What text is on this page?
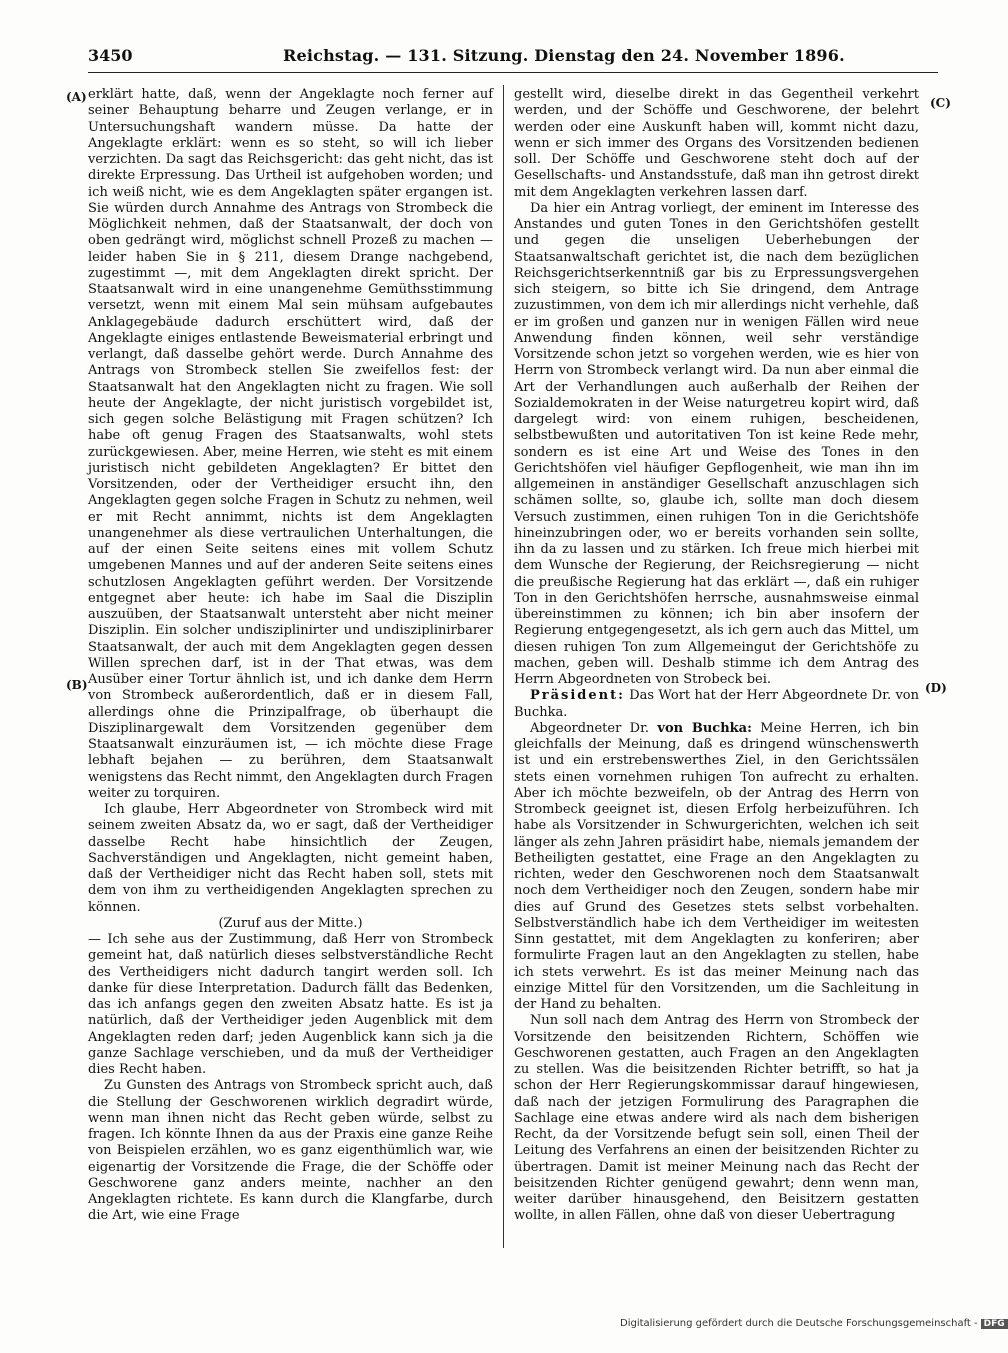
3450	Reichstag. — 131. Sitzung. Dienstag den 24. November 1896.
(A)
(B)
(C)
(D)

erklärt hatte, daß, wenn der Angeklagte noch ferner auf seiner Behauptung beharre und Zeugen verlange, er in Untersuchungshaft wandern müsse. Da hatte der Angeklagte erklärt: wenn es so steht, so will ich lieber verzichten. Da sagt das Reichsgericht: das geht nicht, das ist direkte Erpressung. Das Urtheil ist aufgehoben worden; und ich weiß nicht, wie es dem Angeklagten später ergangen ist. Sie würden durch Annahme des Antrags von Strombeck die Möglichkeit nehmen, daß der Staatsanwalt, der doch von oben gedrängt wird, möglichst schnell Prozeß zu machen — leider haben Sie in § 211, diesem Drange nachgebend, zugestimmt —, mit dem Angeklagten direkt spricht. Der Staatsanwalt wird in eine unangenehme Gemüthsstimmung versetzt, wenn mit einem Mal sein mühsam aufgebautes Anklagegebäude dadurch erschüttert wird, daß der Angeklagte einiges entlastende Beweismaterial erbringt und verlangt, daß dasselbe gehört werde. Durch Annahme des Antrags von Strombeck stellen Sie zweifellos fest: der Staatsanwalt hat den Angeklagten nicht zu fragen. Wie soll heute der Angeklagte, der nicht juristisch vorgebildet ist, sich gegen solche Belästigung mit Fragen schützen? Ich habe oft genug Fragen des Staatsanwalts, wohl stets zurückgewiesen. Aber, meine Herren, wie steht es mit einem juristisch nicht gebildeten Angeklagten? Er bittet den Vorsitzenden, oder der Vertheidiger ersucht ihn, den Angeklagten gegen solche Fragen in Schutz zu nehmen, weil er mit Recht annimmt, nichts ist dem Angeklagten unangenehmer als diese vertraulichen Unterhaltungen, die auf der einen Seite seitens eines mit vollem Schutz umgebenen Mannes und auf der anderen Seite seitens eines schutzlosen Angeklagten geführt werden. Der Vorsitzende entgegnet aber heute: ich habe im Saal die Disziplin auszuüben, der Staatsanwalt untersteht aber nicht meiner Disziplin. Ein solcher undisziplinirter und undisziplinirbarer Staatsanwalt, der auch mit dem Angeklagten gegen dessen Willen sprechen darf, ist in der That etwas, was dem Ausüber einer Tortur ähnlich ist, und ich danke dem Herrn von Strombeck außerordentlich, daß er in diesem Fall, allerdings ohne die Prinzipalfrage, ob überhaupt die Disziplinargewalt dem Vorsitzenden gegenüber dem Staatsanwalt einzuräumen ist, — ich möchte diese Frage lebhaft bejahen — zu berühren, dem Staatsanwalt wenigstens das Recht nimmt, den Angeklagten durch Fragen weiter zu torquiren.

Ich glaube, Herr Abgeordneter von Strombeck wird mit seinem zweiten Absatz da, wo er sagt, daß der Vertheidiger dasselbe Recht habe hinsichtlich der Zeugen, Sachverständigen und Angeklagten, nicht gemeint haben, daß der Vertheidiger nicht das Recht haben soll, stets mit dem von ihm zu vertheidigenden Angeklagten sprechen zu können.

(Zuruf aus der Mitte.)

— Ich sehe aus der Zustimmung, daß Herr von Strombeck gemeint hat, daß natürlich dieses selbstverständliche Recht des Vertheidigers nicht dadurch tangirt werden soll. Ich danke für diese Interpretation. Dadurch fällt das Bedenken, das ich anfangs gegen den zweiten Absatz hatte. Es ist ja natürlich, daß der Vertheidiger jeden Augenblick mit dem Angeklagten reden darf; jeden Augenblick kann sich ja die ganze Sachlage verschieben, und da muß der Vertheidiger dies Recht haben.

Zu Gunsten des Antrags von Strombeck spricht auch, daß die Stellung der Geschworenen wirklich degradirt würde, wenn man ihnen nicht das Recht geben würde, selbst zu fragen. Ich könnte Ihnen da aus der Praxis eine ganze Reihe von Beispielen erzählen, wo es ganz eigenthümlich war, wie eigenartig der Vorsitzende die Frage, die der Schöffe oder Geschworene ganz anders meinte, nachher an den Angeklagten richtete. Es kann durch die Klangfarbe, durch die Art, wie eine Frage

gestellt wird, dieselbe direkt in das Gegentheil verkehrt werden, und der Schöffe und Geschworene, der belehrt werden oder eine Auskunft haben will, kommt nicht dazu, wenn er sich immer des Organs des Vorsitzenden bedienen soll. Der Schöffe und Geschworene steht doch auf der Gesellschafts- und Anstandsstufe, daß man ihn getrost direkt mit dem Angeklagten verkehren lassen darf.

Da hier ein Antrag vorliegt, der eminent im Interesse des Anstandes und guten Tones in den Gerichtshöfen gestellt und gegen die unseligen Ueberhebungen der Staatsanwaltschaft gerichtet ist, die nach dem bezüglichen Reichsgerichtserkenntniß gar bis zu Erpressungsvergehen sich steigern, so bitte ich Sie dringend, dem Antrage zuzustimmen, von dem ich mir allerdings nicht verhehle, daß er im großen und ganzen nur in wenigen Fällen wird neue Anwendung finden können, weil sehr verständige Vorsitzende schon jetzt so vorgehen werden, wie es hier von Herrn von Strombeck verlangt wird. Da nun aber einmal die Art der Verhandlungen auch außerhalb der Reihen der Sozialdemokraten in der Weise naturgetreu kopirt wird, daß dargelegt wird: von einem ruhigen, bescheidenen, selbstbewußten und autoritativen Ton ist keine Rede mehr, sondern es ist eine Art und Weise des Tones in den Gerichtshöfen viel häufiger Gepflogenheit, wie man ihn im allgemeinen in anständiger Gesellschaft anzuschlagen sich schämen sollte, so, glaube ich, sollte man doch diesem Versuch zustimmen, einen ruhigen Ton in die Gerichtshöfe hineinzubringen oder, wo er bereits vorhanden sein sollte, ihn da zu lassen und zu stärken. Ich freue mich hierbei mit dem Wunsche der Regierung, der Reichsregierung — nicht die preußische Regierung hat das erklärt —, daß ein ruhiger Ton in den Gerichtshöfen herrsche, ausnahmsweise einmal übereinstimmen zu können; ich bin aber insofern der Regierung entgegengesetzt, als ich gern auch das Mittel, um diesen ruhigen Ton zum Allgemeingut der Gerichtshöfe zu machen, geben will. Deshalb stimme ich dem Antrag des Herrn Abgeordneten von Strobeck bei.

Präsident: Das Wort hat der Herr Abgeordnete Dr. von Buchka.

Abgeordneter Dr. von Buchka: Meine Herren, ich bin gleichfalls der Meinung, daß es dringend wünschenswerth ist und ein erstrebenswerthes Ziel, in den Gerichtssälen stets einen vornehmen ruhigen Ton aufrecht zu erhalten. Aber ich möchte bezweifeln, ob der Antrag des Herrn von Strombeck geeignet ist, diesen Erfolg herbeizuführen. Ich habe als Vorsitzender in Schwurgerichten, welchen ich seit länger als zehn Jahren präsidirt habe, niemals jemandem der Betheiligten gestattet, eine Frage an den Angeklagten zu richten, weder den Geschworenen noch dem Staatsanwalt noch dem Vertheidiger noch den Zeugen, sondern habe mir dies auf Grund des Gesetzes stets selbst vorbehalten. Selbstverständlich habe ich dem Vertheidiger im weitesten Sinn gestattet, mit dem Angeklagten zu konferiren; aber formulirte Fragen laut an den Angeklagten zu stellen, habe ich stets verwehrt. Es ist das meiner Meinung nach das einzige Mittel für den Vorsitzenden, um die Sachleitung in der Hand zu behalten.

Nun soll nach dem Antrag des Herrn von Strombeck der Vorsitzende den beisitzenden Richtern, Schöffen wie Geschworenen gestatten, auch Fragen an den Angeklagten zu stellen. Was die beisitzenden Richter betrifft, so hat ja schon der Herr Regierungskommissar darauf hingewiesen, daß nach der jetzigen Formulirung des Paragraphen die Sachlage eine etwas andere wird als nach dem bisherigen Recht, da der Vorsitzende befugt sein soll, einen Theil der Leitung des Verfahrens an einen der beisitzenden Richter zu übertragen. Damit ist meiner Meinung nach das Recht der beisitzenden Richter genügend gewahrt; denn wenn man, weiter darüber hinausgehend, den Beisitzern gestatten wollte, in allen Fällen, ohne daß von dieser Uebertragung

Digitalisierung gefördert durch die Deutsche Forschungsgemeinschaft - DFG
